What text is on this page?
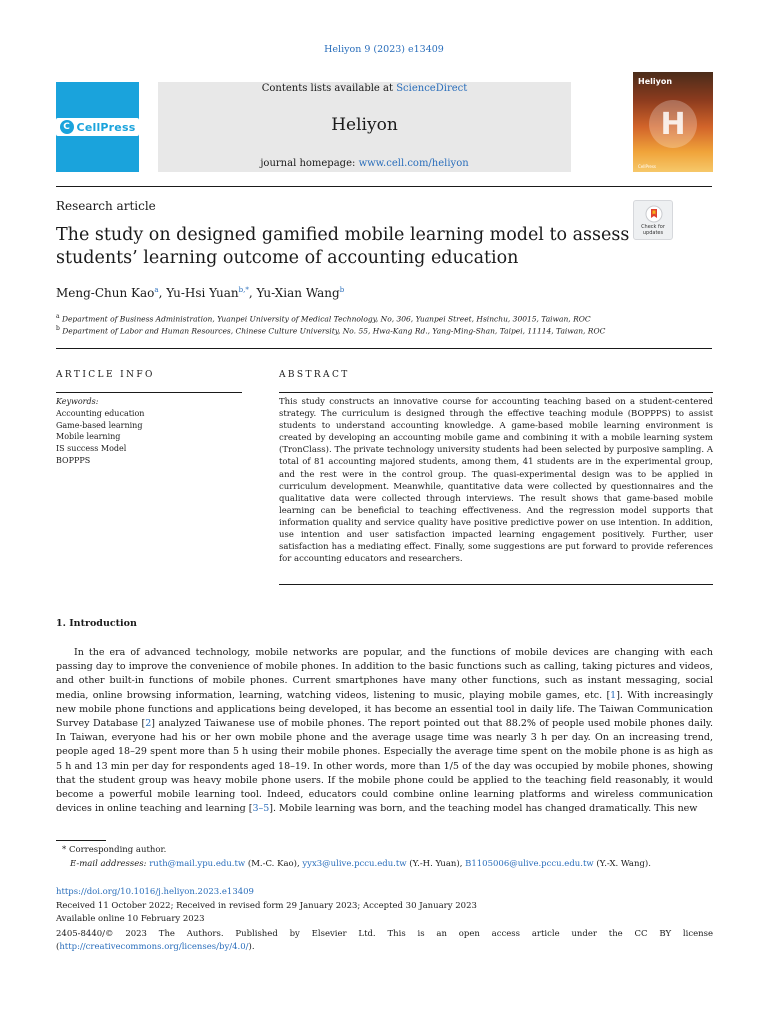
Heliyon 9 (2023) e13409
C CellPress
Contents lists available at ScienceDirect
Heliyon
journal homepage: www.cell.com/heliyon
Heliyon
H
CellPress
Research article
Check for
updates
The study on designed gamified mobile learning model to assess students’ learning outcome of accounting education
Meng-Chun Kao$^a$, Yu-Hsi Yuan$^{b,*}$, Yu-Xian Wang$^b$
$^a$ Department of Business Administration, Yuanpei University of Medical Technology, No, 306, Yuanpei Street, Hsinchu, 30015, Taiwan, ROC
$^b$ Department of Labor and Human Resources, Chinese Culture University, No. 55, Hwa-Kang Rd., Yang-Ming-Shan, Taipei, 11114, Taiwan, ROC
ARTICLE INFO
Keywords:
Accounting education
Game-based learning
Mobile learning
IS success Model
BOPPPS
ABSTRACT
This study constructs an innovative course for accounting teaching based on a student-centered strategy. The curriculum is designed through the effective teaching module (BOPPPS) to assist students to understand accounting knowledge. A game-based mobile learning environment is created by developing an accounting mobile game and combining it with a mobile learning system (TronClass). The private technology university students had been selected by purposive sampling. A total of 81 accounting majored students, among them, 41 students are in the experimental group, and the rest were in the control group. The quasi-experimental design was to be applied in curriculum development. Meanwhile, quantitative data were collected by questionnaires and the qualitative data were collected through interviews. The result shows that game-based mobile learning can be beneficial to teaching effectiveness. And the regression model supports that information quality and service quality have positive predictive power on use intention. In addition, use intention and user satisfaction impacted learning engagement positively. Further, user satisfaction has a mediating effect. Finally, some suggestions are put forward to provide references for accounting educators and researchers.
1. Introduction
In the era of advanced technology, mobile networks are popular, and the functions of mobile devices are changing with each passing day to improve the convenience of mobile phones. In addition to the basic functions such as calling, taking pictures and videos, and other built-in functions of mobile phones. Current smartphones have many other functions, such as instant messaging, social media, online browsing information, learning, watching videos, listening to music, playing mobile games, etc. [1]. With increasingly new mobile phone functions and applications being developed, it has become an essential tool in daily life. The Taiwan Communication Survey Database [2] analyzed Taiwanese use of mobile phones. The report pointed out that 88.2% of people used mobile phones daily. In Taiwan, everyone had his or her own mobile phone and the average usage time was nearly 3 h per day. On an increasing trend, people aged 18–29 spent more than 5 h using their mobile phones. Especially the average time spent on the mobile phone is as high as 5 h and 13 min per day for respondents aged 18–19. In other words, more than 1/5 of the day was occupied by mobile phones, showing that the student group was heavy mobile phone users. If the mobile phone could be applied to the teaching field reasonably, it would become a powerful mobile learning tool. Indeed, educators could combine online learning platforms and wireless communication devices in online teaching and learning [3–5]. Mobile learning was born, and the teaching model has changed dramatically. This new
* Corresponding author.
E-mail addresses: ruth@mail.ypu.edu.tw (M.-C. Kao), yyx3@ulive.pccu.edu.tw (Y.-H. Yuan), B1105006@ulive.pccu.edu.tw (Y.-X. Wang).
https://doi.org/10.1016/j.heliyon.2023.e13409
Received 11 October 2022; Received in revised form 29 January 2023; Accepted 30 January 2023
Available online 10 February 2023
2405-8440/© 2023 The Authors. Published by Elsevier Ltd. This is an open access article under the CC BY license (http://creativecommons.org/licenses/by/4.0/).
